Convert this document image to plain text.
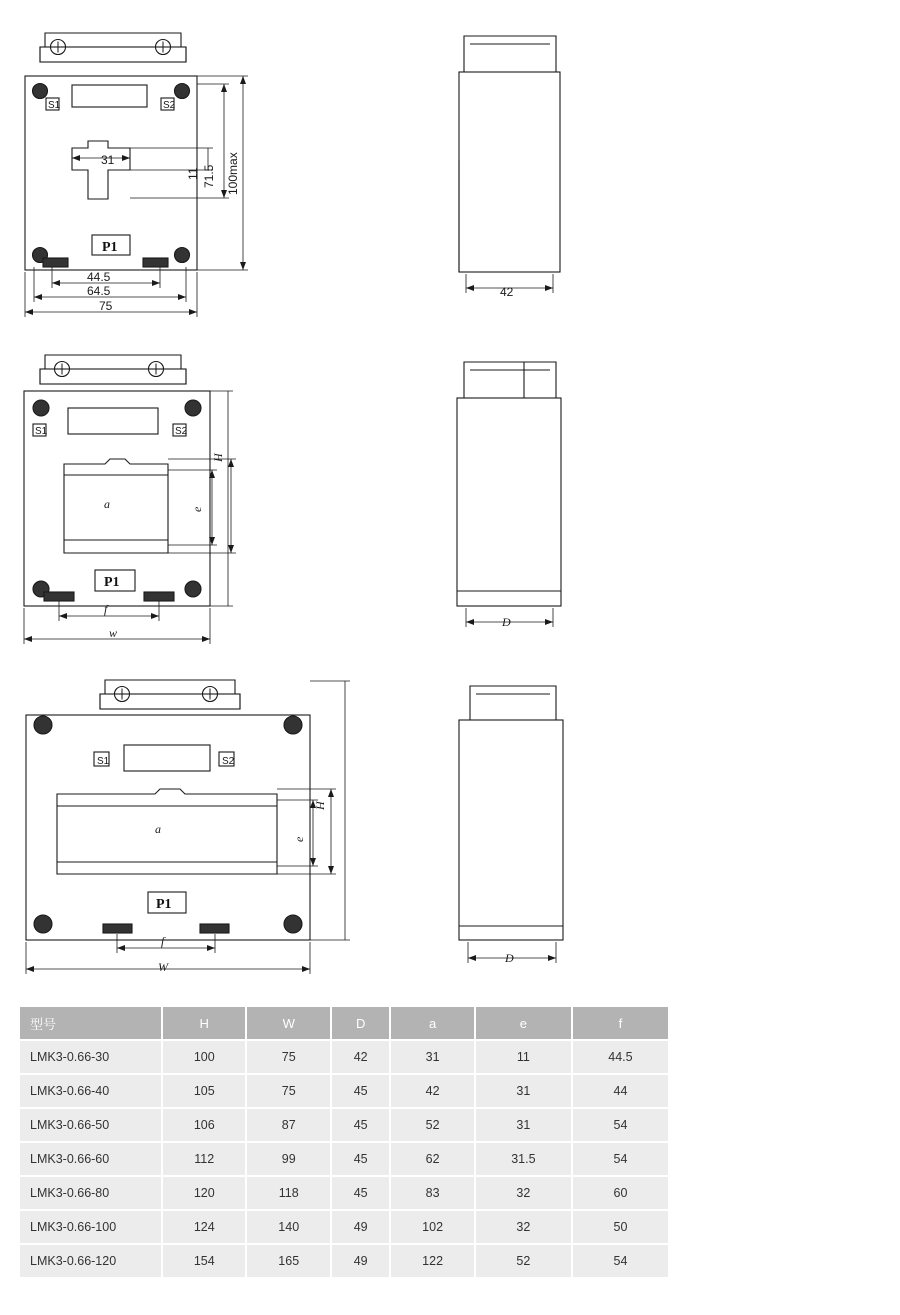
S1	S2
31
11 71.5 100max
44.5
64.5
75
P1
42
S1	S2
a	e
H
f
w
P1
D
S1	S2
a
e
H
f
W
P1
D
型号	H	W	D	a	e	f
LMK3-0.66-30	100	75	42	31	11	44.5
LMK3-0.66-40	105	75	45	42	31	44
LMK3-0.66-50	106	87	45	52	31	54
LMK3-0.66-60	112	99	45	62	31.5	54
LMK3-0.66-80	120	118	45	83	32	60
LMK3-0.66-100	124	140	49	102	32	50
LMK3-0.66-120	154	165	49	122	52	54
